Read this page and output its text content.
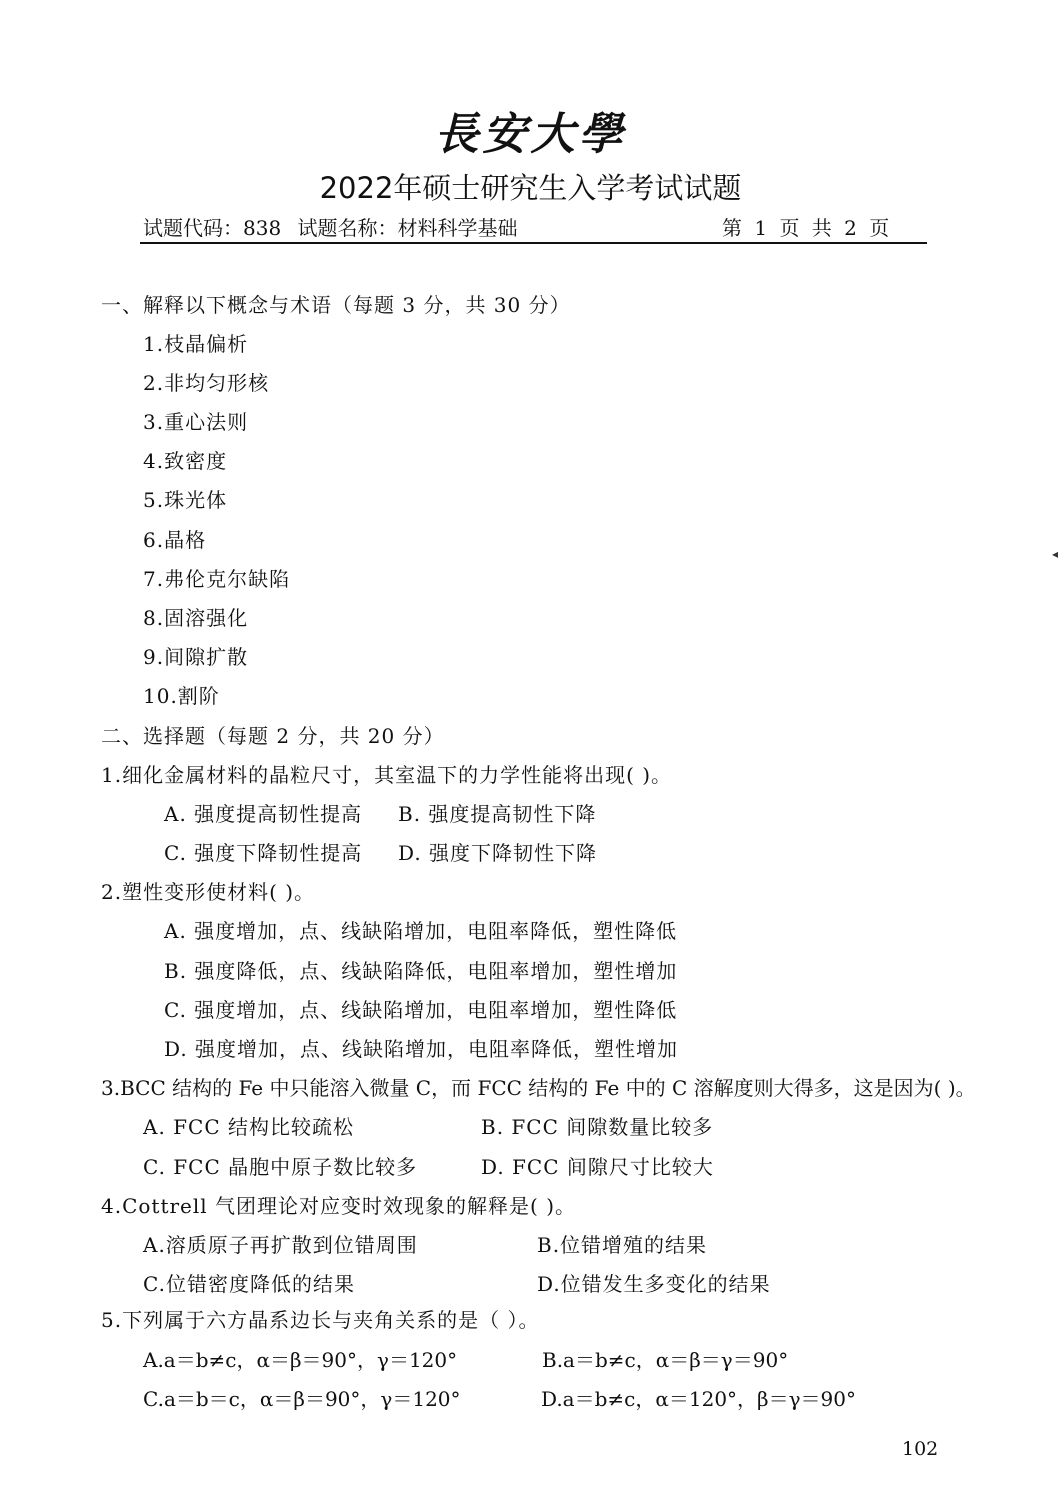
長安大學
2022年硕士研究生入学考试试题
试题代码：838 试题名称：材料科学基础	第 1 页 共 2 页
一、解释以下概念与术语（每题 3 分，共 30 分）
1.枝晶偏析
2.非均匀形核
3.重心法则
4.致密度
5.珠光体
6.晶格
7.弗伦克尔缺陷
8.固溶强化
9.间隙扩散
10.割阶
二、选择题（每题 2 分，共 20 分）
1.细化金属材料的晶粒尺寸，其室温下的力学性能将出现( )。
A. 强度提高韧性提高 B. 强度提高韧性下降
C. 强度下降韧性提高 D. 强度下降韧性下降
2.塑性变形使材料( )。
A. 强度增加，点、线缺陷增加，电阻率降低，塑性降低
B. 强度降低，点、线缺陷降低，电阻率增加，塑性增加
C. 强度增加，点、线缺陷增加，电阻率增加，塑性降低
D. 强度增加，点、线缺陷增加，电阻率降低，塑性增加
3.BCC 结构的 Fe 中只能溶入微量 C，而 FCC 结构的 Fe 中的 C 溶解度则大得多，这是因为( )。
A. FCC 结构比较疏松	B. FCC 间隙数量比较多
C. FCC 晶胞中原子数比较多	D. FCC 间隙尺寸比较大
4.Cottrell 气团理论对应变时效现象的解释是( )。
A.溶质原子再扩散到位错周围	B.位错增殖的结果
C.位错密度降低的结果	D.位错发生多变化的结果
5.下列属于六方晶系边长与夹角关系的是（ ）。
A.a＝b≠c，α＝β＝90°，γ＝120°	B.a＝b≠c，α＝β＝γ＝90°
C.a＝b＝c，α＝β＝90°，γ＝120°	D.a＝b≠c，α＝120°，β＝γ＝90°
◂
102
